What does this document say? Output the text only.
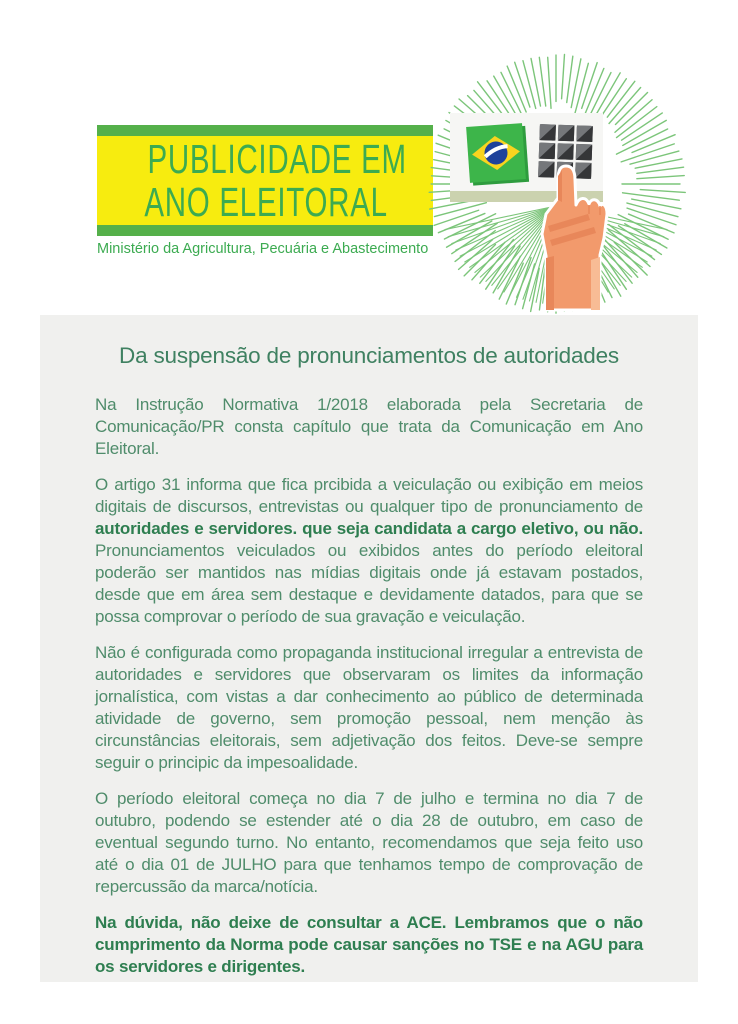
PUBLICIDADE EM
ANO ELEITORAL
Ministério da Agricultura, Pecuária e Abastecimento
Da suspensão de pronunciamentos de autoridades

Na Instrução Normativa 1/2018 elaborada pela Secretaria de Comunicação/PR consta capítulo que trata da Comunicação em Ano Eleitoral.

O artigo 31 informa que fica prcibida a veiculação ou exibição em meios digitais de discursos, entrevistas ou qualquer tipo de pronunciamento de autoridades e servidores. que seja candidata a cargo eletivo, ou não. Pronunciamentos veiculados ou exibidos antes do período eleitoral poderão ser mantidos nas mídias digitais onde já estavam postados, desde que em área sem destaque e devidamente datados, para que se possa comprovar o período de sua gravação e veiculação.

Não é configurada como propaganda institucional irregular a entrevista de autoridades e servidores que observaram os limites da informação jornalística, com vistas a dar conhecimento ao público de determinada atividade de governo, sem promoção pessoal, nem menção às circunstâncias eleitorais, sem adjetivação dos feitos. Deve-se sempre seguir o principic da impesoalidade.

O período eleitoral começa no dia 7 de julho e termina no dia 7 de outubro, podendo se estender até o dia 28 de outubro, em caso de eventual segundo turno. No entanto, recomendamos que seja feito uso até o dia 01 de JULHO para que tenhamos tempo de comprovação de repercussão da marca/notícia.

Na dúvida, não deixe de consultar a ACE. Lembramos que o não cumprimento da Norma pode causar sanções no TSE e na AGU para os servidores e dirigentes.
